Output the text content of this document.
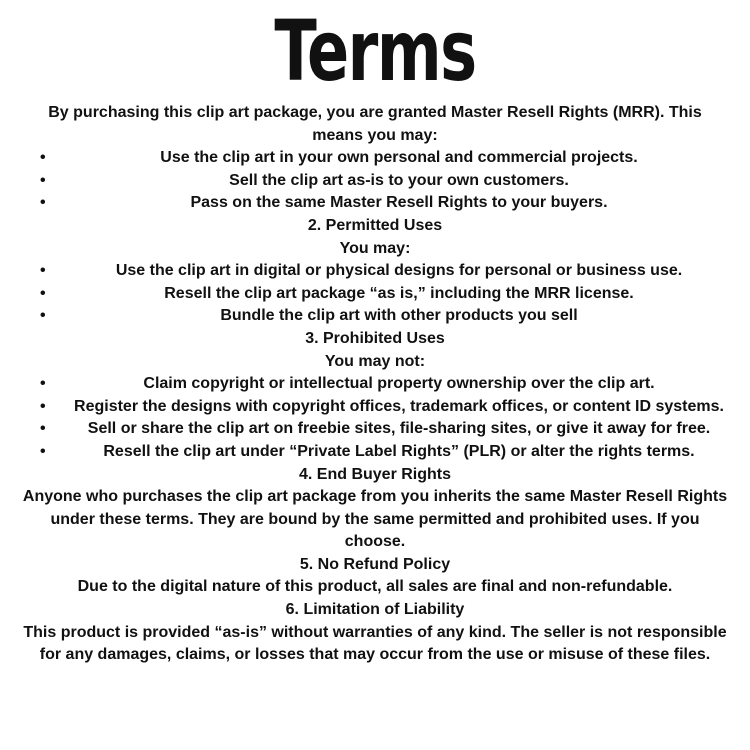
Terms

By purchasing this clip art package, you are granted Master Resell Rights (MRR). This means you may:

•	Use the clip art in your own personal and commercial projects.
•	Sell the clip art as-is to your own customers.
•	Pass on the same Master Resell Rights to your buyers.

2. Permitted Uses

You may:

•	Use the clip art in digital or physical designs for personal or business use.
•	Resell the clip art package “as is,” including the MRR license.
•	Bundle the clip art with other products you sell

3. Prohibited Uses

You may not:

•	Claim copyright or intellectual property ownership over the clip art.
•	Register the designs with copyright offices, trademark offices, or content ID systems.
•	Sell or share the clip art on freebie sites, file-sharing sites, or give it away for free.
•	Resell the clip art under “Private Label Rights” (PLR) or alter the rights terms.

4. End Buyer Rights

Anyone who purchases the clip art package from you inherits the same Master Resell Rights under these terms. They are bound by the same permitted and prohibited uses. If you choose.

5. No Refund Policy

Due to the digital nature of this product, all sales are final and non-refundable.

6. Limitation of Liability

This product is provided “as-is” without warranties of any kind. The seller is not responsible for any damages, claims, or losses that may occur from the use or misuse of these files.
